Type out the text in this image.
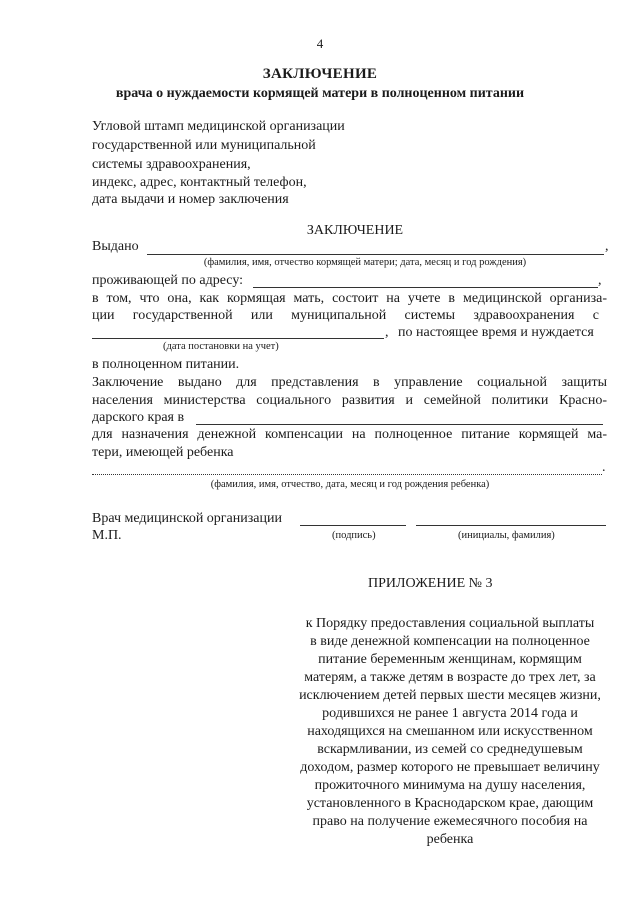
4
ЗАКЛЮЧЕНИЕ
врача о нуждаемости кормящей матери в полноценном питании
Угловой штамп медицинской организации
государственной или муниципальной
системы здравоохранения,
индекс, адрес, контактный телефон,
дата выдачи и номер заключения
ЗАКЛЮЧЕНИЕ
Выдано	,
(фамилия, имя, отчество кормящей матери; дата, месяц и год рождения)
проживающей по адресу:	,
в том, что она, как кормящая мать, состоит на учете в медицинской организа-
ции государственной или муниципальной системы здравоохранения с
, по настоящее время и нуждается
(дата постановки на учет)
в полноценном питании.
Заключение выдано для представления в управление социальной защиты
населения министерства социального развития и семейной политики Красно-
дарского края в
для назначения денежной компенсации на полноценное питание кормящей ма-
тери, имеющей ребенка
.
(фамилия, имя, отчество, дата, месяц и год рождения ребенка)
Врач медицинской организации
М.П.	(подпись)	(инициалы, фамилия)
ПРИЛОЖЕНИЕ № 3
к Порядку предоставления социальной выплаты
в виде денежной компенсации на полноценное
питание беременным женщинам, кормящим
матерям, а также детям в возрасте до трех лет, за
исключением детей первых шести месяцев жизни,
родившихся не ранее 1 августа 2014 года и
находящихся на смешанном или искусственном
вскармливании, из семей со среднедушевым
доходом, размер которого не превышает величину
прожиточного минимума на душу населения,
установленного в Краснодарском крае, дающим
право на получение ежемесячного пособия на
ребенка
